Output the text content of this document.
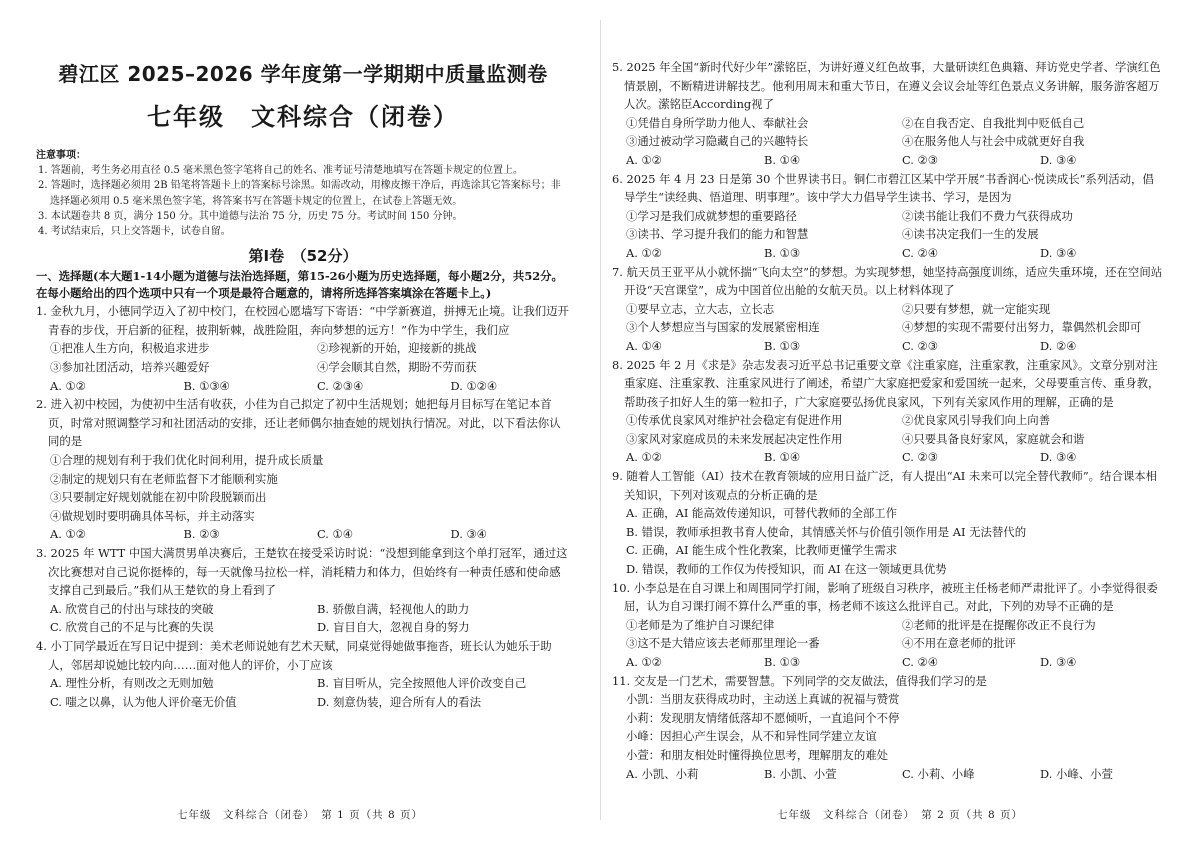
碧江区 2025–2026 学年度第一学期期中质量监测卷
七年级　文科综合（闭卷）
注意事项：
1. 答题前，考生务必用直径 0.5 毫米黑色签字笔将自己的姓名、准考证号清楚地填写在答题卡规定的位置上。
2. 答题时，选择题必须用 2B 铅笔将答题卡上的答案标号涂黑。如需改动，用橡皮擦干净后，再选涂其它答案标号；非选择题必须用 0.5 毫米黑色签字笔，将答案书写在答题卡规定的位置上，在试卷上答题无效。
3. 本试题卷共 8 页，满分 150 分。其中道德与法治 75 分，历史 75 分。考试时间 150 分钟。
4. 考试结束后，只上交答题卡，试卷自留。
第Ⅰ卷　（52分）
一、选择题(本大题1-14小题为道德与法治选择题，第15-26小题为历史选择题，每小题2分，共52分。在每小题给出的四个选项中只有一个项是最符合题意的，请将所选择答案填涂在答题卡上。)
1. 金秋九月，小德同学迈入了初中校门，在校园心愿墙写下寄语：“中学新赛道，拼搏无止境。让我们迈开青春的步伐，开启新的征程，披荆斩棘，战胜险阻，奔向梦想的远方！”作为中学生，我们应
①把准人生方向，积极追求进步	②珍视新的开始，迎接新的挑战
③参加社团活动，培养兴趣爱好	④学会顺其自然，期盼不劳而获
A. ①②	B. ①③④	C. ②③④	D. ①②④
2. 进入初中校园，为使初中生活有收获，小佳为自己拟定了初中生活规划；她把每月目标写在笔记本首页，时常对照调整学习和社团活动的安排，还让老师偶尔抽查她的规划执行情况。对此，以下看法你认同的是
①合理的规划有利于我们优化时间利用，提升成长质量
②制定的规划只有在老师监督下才能顺利实施
③只要制定好规划就能在初中阶段脱颖而出
④做规划时要明确具体목标，并主动落实
A. ①②	B. ②③	C. ①④	D. ③④
3. 2025 年 WTT 中国大满贯男单决赛后，王楚钦在接受采访时说：“没想到能拿到这个单打冠军，通过这次比赛想对自己说你挺棒的，每一天就像马拉松一样，消耗精力和体力，但始终有一种责任感和使命感支撑自己到最后。”我们从王楚钦的身上看到了
A. 欣赏自己的付出与球技的突破	B. 骄傲自满，轻视他人的助力
C. 欣赏自己的不足与比赛的失误	D. 盲目自大，忽视自身的努力
4. 小丁同学最近在写日记中提到：美术老师说她有艺术天赋，同桌觉得她做事拖沓，班长认为她乐于助人，邻居却说她比较内向……面对他人的评价，小丁应该
A. 理性分析，有则改之无则加勉	B. 盲目听从，完全按照他人评价改变自己
C. 嗤之以鼻，认为他人评价毫无价值	D. 刻意伪装，迎合所有人的看法
七年级　文科综合（闭卷）　第 1 页（共 8 页）
5. 2025 年全国“新时代好少年”潆铭臣，为讲好遵义红色故事，大量研读红色典籍、拜访党史学者、学演红色情景剧，不断精进讲解技艺。他利用周末和重大节日，在遵义会议会址等红色景点义务讲解，服务游客超万人次。潆铭臣According视了
①凭借自身所学助力他人、奉献社会	②在自我否定、自我批判中贬低自己
③通过被动学习隐藏自己的兴趣特长	④在服务他人与社会中成就更好自我
A. ①②	B. ①④	C. ②③	D. ③④
6. 2025 年 4 月 23 日是第 30 个世界读书日。铜仁市碧江区某中学开展“书香润心·悦读成长”系列活动，倡导学生“读经典、悟道理、明事理”。该中学大力倡导学生读书、学习，是因为
①学习是我们成就梦想的重要路径	②读书能让我们不费力气获得成功
③读书、学习提升我们的能力和智慧	④读书决定我们一生的发展
A. ①②	B. ①③	C. ②④	D. ③④
7. 航天员王亚平从小就怀揣“飞向太空”的梦想。为实现梦想，她坚持高强度训练，适应失重环境，还在空间站开设“天宫课堂”，成为中国首位出舱的女航天员。以上材料体现了
①要早立志，立大志，立长志	②只要有梦想，就一定能实现
③个人梦想应当与国家的发展紧密相连	④梦想的实现不需要付出努力，靠偶然机会即可
A. ①④	B. ①③	C. ②③	D. ②④
8. 2025 年 2 月《求是》杂志发表习近平总书记重要文章《注重家庭，注重家教，注重家风》。文章分别对注重家庭、注重家教、注重家风进行了阐述，希望广大家庭把爱家和爱国统一起来，父母要重言传、重身教，帮助孩子扣好人生的第一粒扣子，广大家庭要弘扬优良家风，下列有关家风作用的理解，正确的是
①传承优良家风对维护社会稳定有促进作用	②优良家风引导我们向上向善
③家风对家庭成员的未来发展起决定性作用	④只要具备良好家风，家庭就会和谐
A. ①②	B. ①④	C. ②③	D. ③④
9. 随着人工智能（AI）技术在教育领域的应用日益广泛，有人提出“AI 未来可以完全替代教师”。结合课本相关知识，下列对该观点的分析正确的是
A. 正确，AI 能高效传递知识，可替代教师的全部工作
B. 错误，教师承担教书育人使命，其情感关怀与价值引领作用是 AI 无法替代的
C. 正确，AI 能生成个性化教案，比教师更懂学生需求
D. 错误，教师的工作仅为传授知识，而 AI 在这一领域更具优势
10. 小李总是在自习课上和周围同学打闹，影响了班级自习秩序，被班主任杨老师严肃批评了。小李觉得很委屈，认为自习课打闹不算什么严重的事，杨老师不该这么批评自己。对此，下列的劝导不正确的是
①老师是为了维护自习课纪律	②老师的批评是在提醒你改正不良行为
③这不是大错应该去老师那里理论一番	④不用在意老师的批评
A. ①②	B. ①③	C. ②④	D. ③④
11. 交友是一门艺术，需要智慧。下列同学的交友做法，值得我们学习的是
小凯：当朋友获得成功时，主动送上真诚的祝福与赞赏
小莉：发现朋友情绪低落却不愿倾听，一直追问个不停
小峰：因担心产生误会，从不和异性同学建立友谊
小萱：和朋友相处时懂得换位思考，理解朋友的难处
A. 小凯、小莉	B. 小凯、小萱	C. 小莉、小峰	D. 小峰、小萱
七年级　文科综合（闭卷）　第 2 页（共 8 页）
